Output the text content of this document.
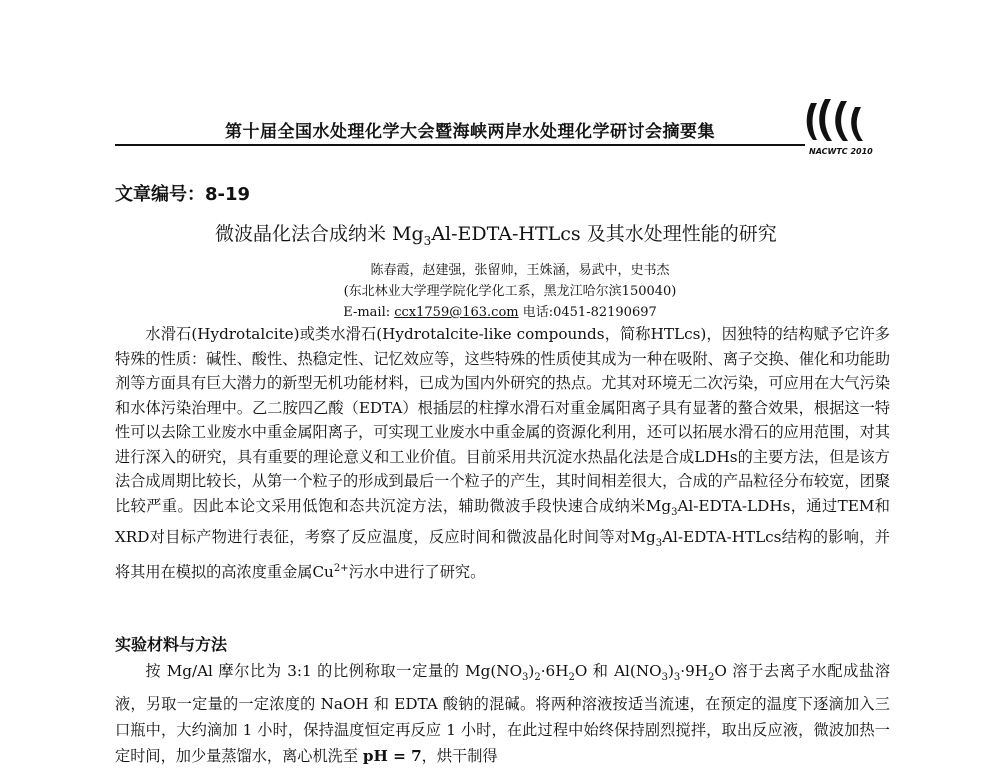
第十届全国水处理化学大会暨海峡两岸水处理化学研讨会摘要集
NACWTC 2010
文章编号：8-19
微波晶化法合成纳米 $Mg_3Al-EDTA$-HTLcs 及其水处理性能的研究
陈春霞，赵建强，张留帅，王姝涵，易武中，史书杰
(东北林业大学理学院化学化工系，黑龙江哈尔滨150040)
E-mail: ccx1759@163.com 电话:0451-82190697
水滑石(Hydrotalcite)或类水滑石(Hydrotalcite-like compounds，简称HTLcs)，因独特的结构赋予它许多特殊的性质：碱性、酸性、热稳定性、记忆效应等，这些特殊的性质使其成为一种在吸附、离子交换、催化和功能助剂等方面具有巨大潜力的新型无机功能材料，已成为国内外研究的热点。尤其对环境无二次污染，可应用在大气污染和水体污染治理中。乙二胺四乙酸（EDTA）根插层的柱撑水滑石对重金属阳离子具有显著的螯合效果，根据这一特性可以去除工业废水中重金属阳离子，可实现工业废水中重金属的资源化利用，还可以拓展水滑石的应用范围，对其进行深入的研究，具有重要的理论意义和工业价值。目前采用共沉淀水热晶化法是合成LDHs的主要方法，但是该方法合成周期比较长，从第一个粒子的形成到最后一个粒子的产生，其时间相差很大，合成的产品粒径分布较宽，团聚比较严重。因此本论文采用低饱和态共沉淀方法，辅助微波手段快速合成纳米$Mg_3Al-EDTA$-LDHs，通过TEM和XRD对目标产物进行表征，考察了反应温度，反应时间和微波晶化时间等对$Mg_3Al-EDTA$-HTLcs结构的影响，并将其用在模拟的高浓度重金属$Cu^{2+}$污水中进行了研究。
实验材料与方法
按 Mg/Al 摩尔比为 3:1 的比例称取一定量的 $Mg(NO_3)_2\cdot 6H_2O$ 和 $Al(NO_3)_3\cdot 9H_2O$ 溶于去离子水配成盐溶液，另取一定量的一定浓度的 NaOH 和 EDTA 酸钠的混碱。将两种溶液按适当流速，在预定的温度下逐滴加入三口瓶中，大约滴加 1 小时，保持温度恒定再反应 1 小时，在此过程中始终保持剧烈搅拌，取出反应液，微波加热一定时间，加少量蒸馏水，离心机洗至 pH = 7，烘干制得
